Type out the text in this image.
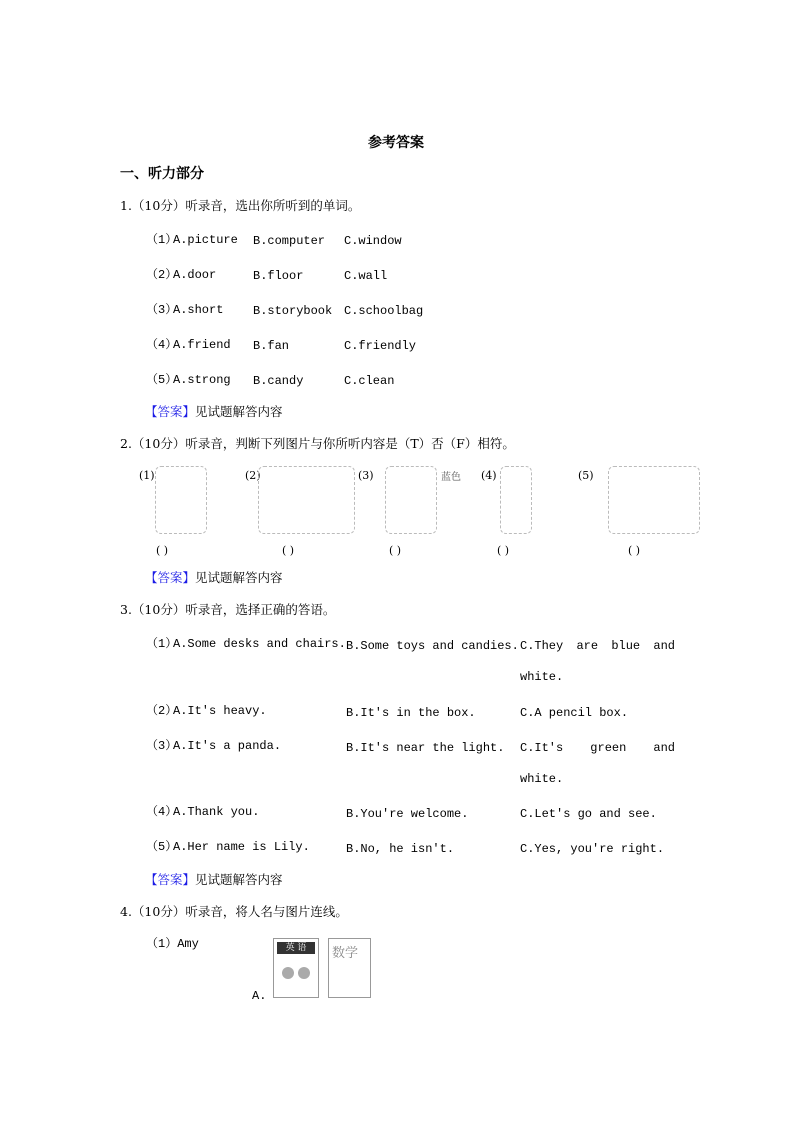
参考答案
一、听力部分
1.（10分）听录音，选出你所听到的单词。
（1）
A.picture B.computer C.window
（2）
A.door	B.floor	C.wall
（3）
A.short B.storybook C.schoolbag
（4）
A.friend B.fan	C.friendly
（5）
A.strong B.candy	C.clean
【答案】见试题解答内容
2.（10分）听录音，判断下列图片与你所听内容是（T）否（F）相符。
(1)
( )
(2)
( )
(3)
( )
(4)
( )
(5)
( )
蓝色
【答案】见试题解答内容
3.（10分）听录音，选择正确的答语。
（1）
A.Some desks and chairs. B.Some toys and candies. C.They are blue and
white.
（2）
A.It's heavy.	B.It's in the box.	C.A pencil box.
（3）
A.It's a panda.	B.It's near the light. C.It's green and
white.
（4）
A.Thank you.	B.You're welcome.	C.Let's go and see.
（5）
A.Her name is Lily.	B.No, he isn't.	C.Yes, you're right.
【答案】见试题解答内容
4.（10分）听录音，将人名与图片连线。
（1）Amy
A.
英 语	数学
